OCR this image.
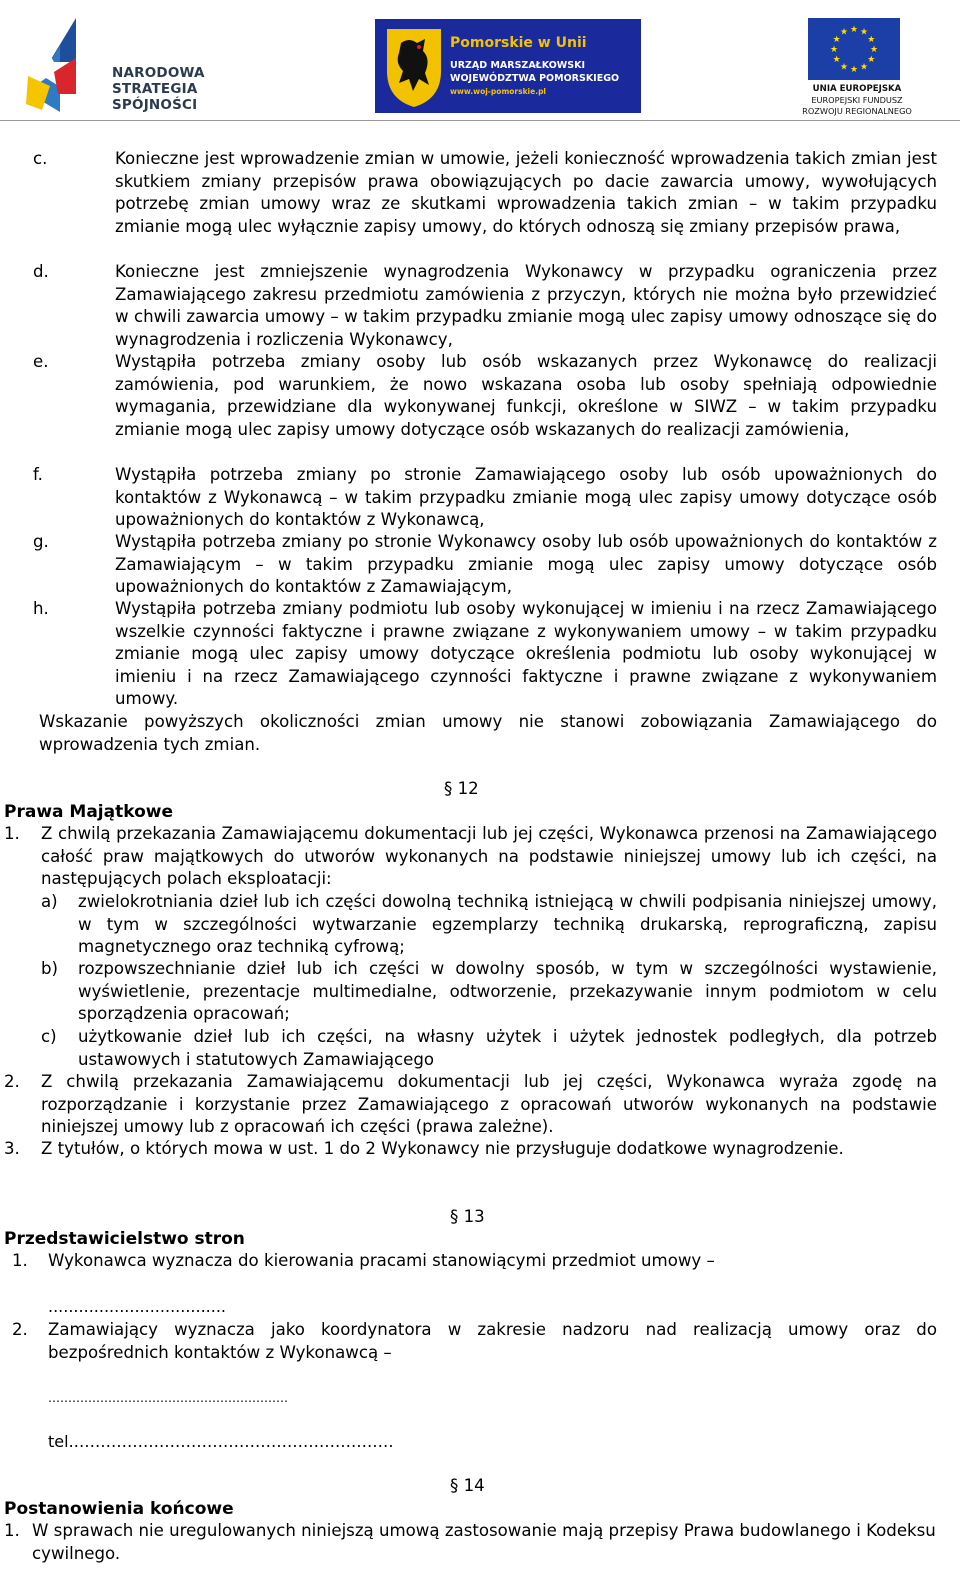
NARODOWA
STRATEGIA SPÓJNOŚCI
Pomorskie w Unii
URZĄD MARSZAŁKOWSKI
WOJEWÓDZTWA POMORSKIEGO
www.woj-pomorskie.pl
★ ★
★
★
★
★
★
★
★
★
★
★
UNIA EUROPEJSKA
EUROPEJSKI FUNDUSZ
ROZWOJU REGIONALNEGO
c.	Konieczne jest wprowadzenie zmian w umowie, jeżeli konieczność wprowadzenia takich zmian jest skutkiem zmiany przepisów prawa obowiązujących po dacie zawarcia umowy, wywołujących potrzebę zmian umowy wraz ze skutkami wprowadzenia takich zmian – w takim przypadku zmianie mogą ulec wyłącznie zapisy umowy, do których odnoszą się zmiany przepisów prawa,
d.	Konieczne jest zmniejszenie wynagrodzenia Wykonawcy w przypadku ograniczenia przez Zamawiającego zakresu przedmiotu zamówienia z przyczyn, których nie można było przewidzieć w chwili zawarcia umowy – w takim przypadku zmianie mogą ulec zapisy umowy odnoszące się do wynagrodzenia i rozliczenia Wykonawcy,
e.	Wystąpiła potrzeba zmiany osoby lub osób wskazanych przez Wykonawcę do realizacji zamówienia, pod warunkiem, że nowo wskazana osoba lub osoby spełniają odpowiednie wymagania, przewidziane dla wykonywanej funkcji, określone w SIWZ – w takim przypadku zmianie mogą ulec zapisy umowy dotyczące osób wskazanych do realizacji zamówienia,
f.	Wystąpiła potrzeba zmiany po stronie Zamawiającego osoby lub osób upoważnionych do kontaktów z Wykonawcą – w takim przypadku zmianie mogą ulec zapisy umowy dotyczące osób upoważnionych do kontaktów z Wykonawcą,
g.	Wystąpiła potrzeba zmiany po stronie Wykonawcy osoby lub osób upoważnionych do kontaktów z Zamawiającym – w takim przypadku zmianie mogą ulec zapisy umowy dotyczące osób upoważnionych do kontaktów z Zamawiającym,
h.	Wystąpiła potrzeba zmiany podmiotu lub osoby wykonującej w imieniu i na rzecz Zamawiającego wszelkie czynności faktyczne i prawne związane z wykonywaniem umowy – w takim przypadku zmianie mogą ulec zapisy umowy dotyczące określenia podmiotu lub osoby wykonującej w imieniu i na rzecz Zamawiającego czynności faktyczne i prawne związane z wykonywaniem umowy.
Wskazanie powyższych okoliczności zmian umowy nie stanowi zobowiązania Zamawiającego do wprowadzenia tych zmian.
§ 12
Prawa Majątkowe
1. Z chwilą przekazania Zamawiającemu dokumentacji lub jej części, Wykonawca przenosi na Zamawiającego całość praw majątkowych do utworów wykonanych na podstawie niniejszej umowy lub ich części, na następujących polach eksploatacji:
a) zwielokrotniania dzieł lub ich części dowolną techniką istniejącą w chwili podpisania niniejszej umowy, w tym w szczególności wytwarzanie egzemplarzy techniką drukarską, reprograficzną, zapisu magnetycznego oraz techniką cyfrową;
b) rozpowszechnianie dzieł lub ich części w dowolny sposób, w tym w szczególności wystawienie, wyświetlenie, prezentacje multimedialne, odtworzenie, przekazywanie innym podmiotom w celu sporządzenia opracowań;
c) użytkowanie dzieł lub ich części, na własny użytek i użytek jednostek podległych, dla potrzeb ustawowych i statutowych Zamawiającego
2. Z chwilą przekazania Zamawiającemu dokumentacji lub jej części, Wykonawca wyraża zgodę na rozporządzanie i korzystanie przez Zamawiającego z opracowań utworów wykonanych na podstawie niniejszej umowy lub z opracowań ich części (prawa zależne).
3. Z tytułów, o których mowa w ust. 1 do 2 Wykonawcy nie przysługuje dodatkowe wynagrodzenie.
§ 13
Przedstawicielstwo stron
1. Wykonawca wyznacza do kierowania pracami stanowiącymi przedmiot umowy –
...................................
2. Zamawiający wyznacza jako koordynatora w zakresie nadzoru nad realizacją umowy oraz do bezpośrednich kontaktów z Wykonawcą –
……………………………………………………
tel.……………………………………………………
§ 14
Postanowienia końcowe
1. W sprawach nie uregulowanych niniejszą umową zastosowanie mają przepisy Prawa budowlanego i Kodeksu cywilnego.
